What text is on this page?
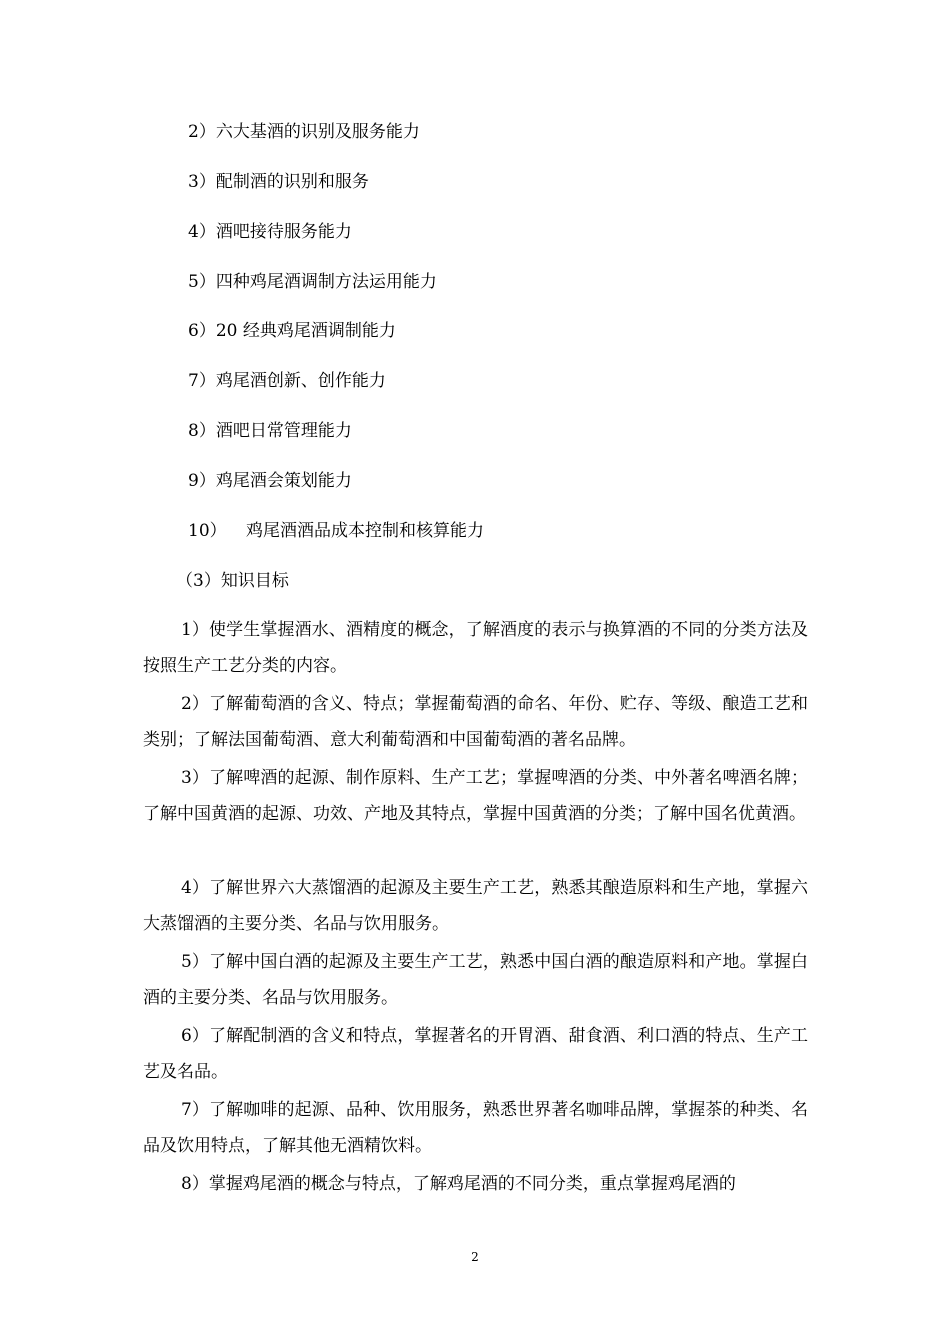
2）六大基酒的识别及服务能力
3）配制酒的识别和服务
4）酒吧接待服务能力
5）四种鸡尾酒调制方法运用能力
6）20 经典鸡尾酒调制能力
7）鸡尾酒创新、创作能力
8）酒吧日常管理能力
9）鸡尾酒会策划能力
10） 鸡尾酒酒品成本控制和核算能力
（3）知识目标
1）使学生掌握酒水、酒精度的概念，了解酒度的表示与换算酒的不同的分类方法及按照生产工艺分类的内容。
2）了解葡萄酒的含义、特点；掌握葡萄酒的命名、年份、贮存、等级、酿造工艺和类别；了解法国葡萄酒、意大利葡萄酒和中国葡萄酒的著名品牌。
3）了解啤酒的起源、制作原料、生产工艺；掌握啤酒的分类、中外著名啤酒名牌；了解中国黄酒的起源、功效、产地及其特点，掌握中国黄酒的分类；了解中国名优黄酒。
4）了解世界六大蒸馏酒的起源及主要生产工艺，熟悉其酿造原料和生产地，掌握六大蒸馏酒的主要分类、名品与饮用服务。
5）了解中国白酒的起源及主要生产工艺，熟悉中国白酒的酿造原料和产地。掌握白酒的主要分类、名品与饮用服务。
6）了解配制酒的含义和特点，掌握著名的开胃酒、甜食酒、利口酒的特点、生产工艺及名品。
7）了解咖啡的起源、品种、饮用服务，熟悉世界著名咖啡品牌，掌握茶的种类、名品及饮用特点，了解其他无酒精饮料。
8）掌握鸡尾酒的概念与特点，了解鸡尾酒的不同分类，重点掌握鸡尾酒的
2
